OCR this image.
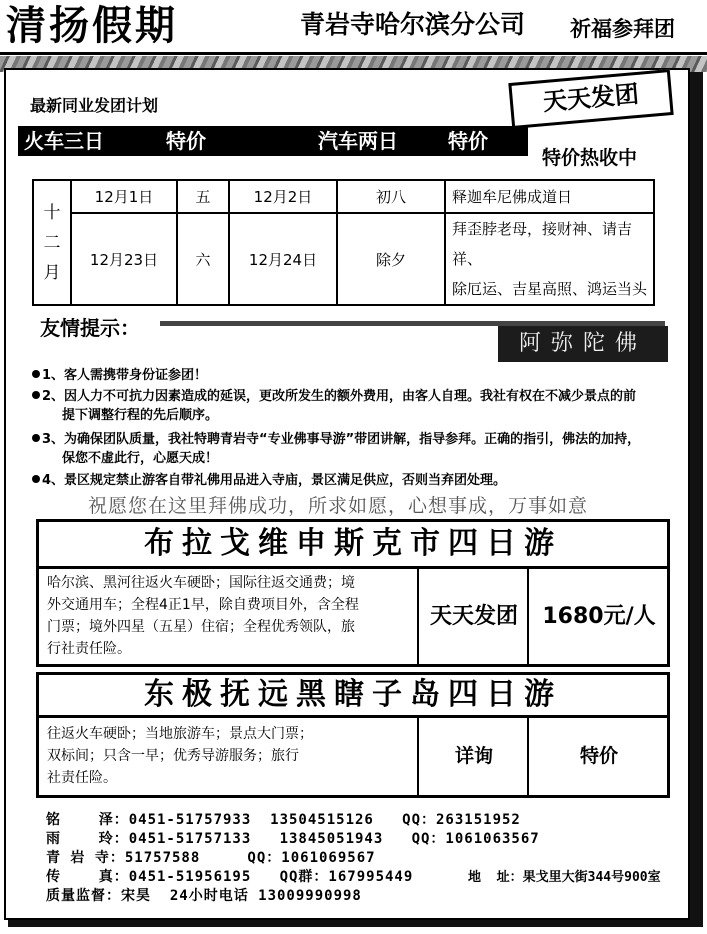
清扬假期	青岩寺哈尔滨分公司 祈福参拜团
最新同业发团计划	天天发团
火车三日	特价	汽车两日	特价
特价热收中
十
二
月	12月1日	五	12月2日	初八	释迦牟尼佛成道日
	12月23日	六	12月24日	除夕	拜歪脖老母，接财神、请吉祥、
除厄运、吉星高照、鸿运当头
友情提示：
阿弥陀佛
1、客人需携带身份证参团！
2、因人力不可抗力因素造成的延误，更改所发生的额外费用，由客人自理。我社有权在不减少景点的前
提下调整行程的先后顺序。
3、为确保团队质量，我社特聘青岩寺“专业佛事导游”带团讲解，指导参拜。正确的指引，佛法的加持，
保您不虚此行，心愿天成！
4、景区规定禁止游客自带礼佛用品进入寺庙，景区满足供应，否则当弃团处理。
祝愿您在这里拜佛成功，所求如愿，心想事成，万事如意
布拉戈维申斯克市四日游
哈尔滨、黑河往返火车硬卧；国际往返交通费；境
外交通用车；全程4正1早，除自费项目外，含全程
门票；境外四星（五星）住宿；全程优秀领队，旅
行社责任险。
天天发团	1680元/人
东极抚远黑瞎子岛四日游
往返火车硬卧；当地旅游车；景点大门票；
双标间；只含一早；优秀导游服务；旅行
社责任险。
详询	特价
铭    泽：0451-51757933  13504515126   QQ：263151952
雨    玲：0451-51757133   13845051943   QQ：1061063567
青 岩 寺：51757588     QQ：1061069567
传    真：0451-51956195   QQ群：167995449	地  址：果戈里大街344号900室
质量监督：宋昊  24小时电话 13009990998
